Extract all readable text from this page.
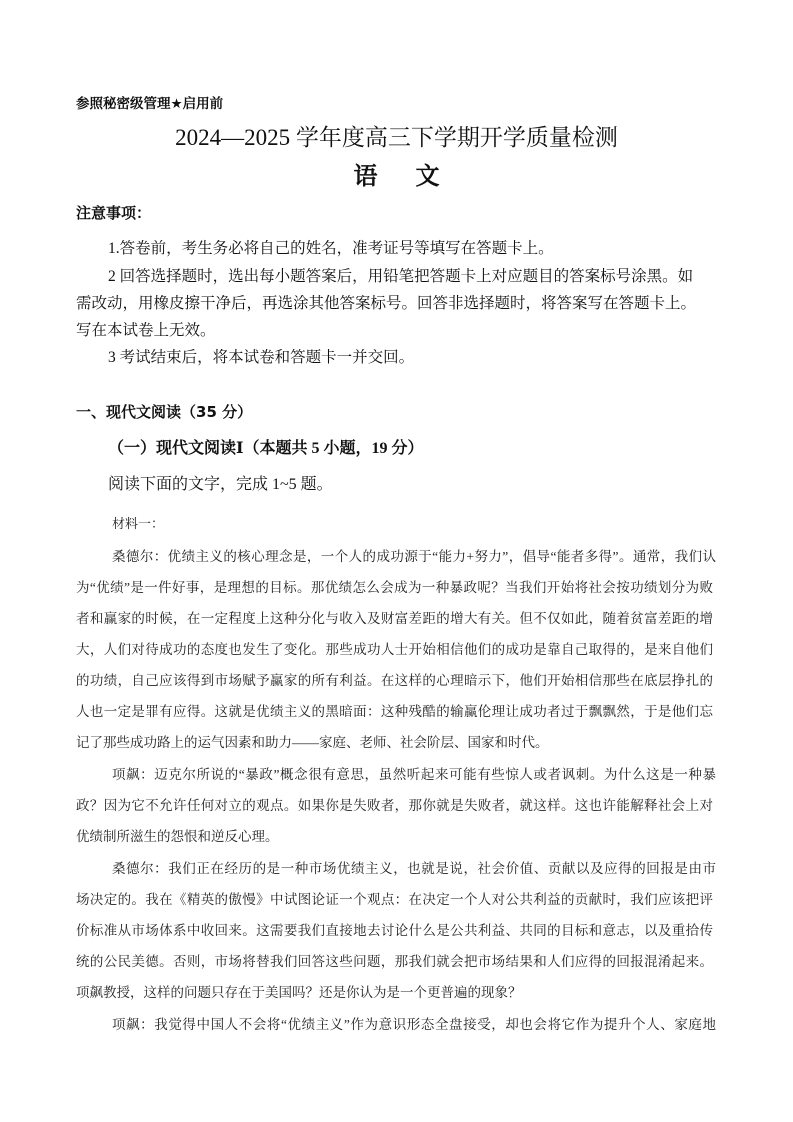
参照秘密级管理★启用前
2024—2025 学年度高三下学期开学质量检测
语文
注意事项：
1.答卷前，考生务必将自己的姓名，准考证号等填写在答题卡上。
2 回答选择题时，选出每小题答案后，用铅笔把答题卡上对应题目的答案标号涂黑。如
需改动，用橡皮擦干净后，再选涂其他答案标号。回答非选择题时，将答案写在答题卡上。
写在本试卷上无效。
3 考试结束后，将本试卷和答题卡一并交回。
一、现代文阅读（35 分）
（一）现代文阅读Ⅰ（本题共 5 小题，19 分）
阅读下面的文字，完成 1~5 题。
材料一：
桑德尔：优绩主义的核心理念是，一个人的成功源于“能力+努力”，倡导“能者多得”。通常，我们认
为“优绩”是一件好事，是理想的目标。那优绩怎么会成为一种暴政呢？当我们开始将社会按功绩划分为败
者和赢家的时候，在一定程度上这种分化与收入及财富差距的增大有关。但不仅如此，随着贫富差距的增
大，人们对待成功的态度也发生了变化。那些成功人士开始相信他们的成功是靠自己取得的，是来自他们
的功绩，自己应该得到市场赋予赢家的所有利益。在这样的心理暗示下，他们开始相信那些在底层挣扎的
人也一定是罪有应得。这就是优绩主义的黑暗面：这种残酷的输赢伦理让成功者过于飘飘然，于是他们忘
记了那些成功路上的运气因素和助力——家庭、老师、社会阶层、国家和时代。
项飙：迈克尔所说的“暴政”概念很有意思，虽然听起来可能有些惊人或者讽刺。为什么这是一种暴
政？因为它不允许任何对立的观点。如果你是失败者，那你就是失败者，就这样。这也许能解释社会上对
优绩制所滋生的怨恨和逆反心理。
桑德尔：我们正在经历的是一种市场优绩主义，也就是说，社会价值、贡献以及应得的回报是由市
场决定的。我在《精英的傲慢》中试图论证一个观点：在决定一个人对公共利益的贡献时，我们应该把评
价标准从市场体系中收回来。这需要我们直接地去讨论什么是公共利益、共同的目标和意志，以及重拾传
统的公民美德。否则，市场将替我们回答这些问题，那我们就会把市场结果和人们应得的回报混淆起来。
项飙教授，这样的问题只存在于美国吗？还是你认为是一个更普遍的现象？
项飙：我觉得中国人不会将“优绩主义”作为意识形态全盘接受，却也会将它作为提升个人、家庭地
